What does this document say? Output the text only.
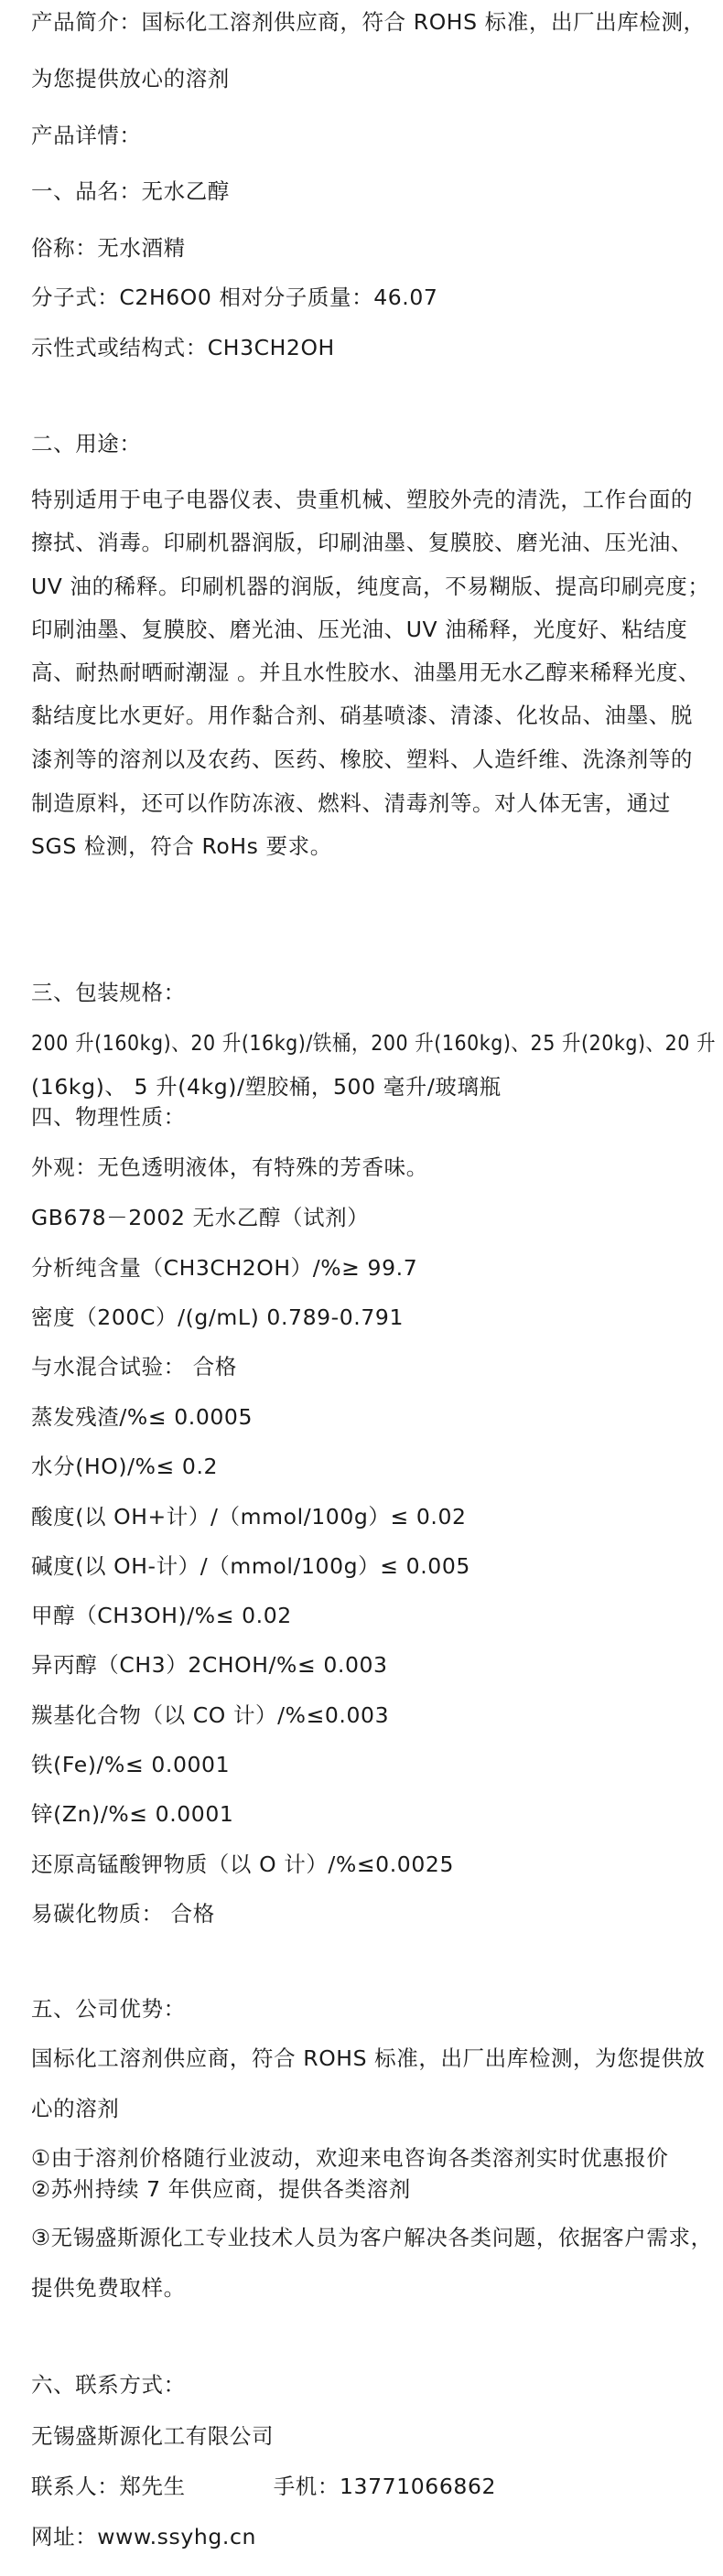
产品简介：国标化工溶剂供应商，符合 ROHS 标准，出厂出库检测，

为您提供放心的溶剂

产品详情：

一、品名：无水乙醇

俗称：无水酒精

分子式：C2H6O0 相对分子质量：46.07

示性式或结构式：CH3CH2OH

二、用途：

特别适用于电子电器仪表、贵重机械、塑胶外壳的清洗，工作台面的

擦拭、消毒。印刷机器润版，印刷油墨、复膜胶、磨光油、压光油、

UV 油的稀释。印刷机器的润版，纯度高，不易糊版、提高印刷亮度；

印刷油墨、复膜胶、磨光油、压光油、UV 油稀释，光度好、粘结度

高、耐热耐晒耐潮湿 。并且水性胶水、油墨用无水乙醇来稀释光度、

黏结度比水更好。用作黏合剂、硝基喷漆、清漆、化妆品、油墨、脱

漆剂等的溶剂以及农药、医药、橡胶、塑料、人造纤维、洗涤剂等的

制造原料，还可以作防冻液、燃料、清毒剂等。对人体无害，通过

SGS 检测，符合 RoHs 要求。

三、包装规格：

200 升(160kg)、20 升(16kg)/铁桶，200 升(160kg)、25 升(20kg)、20 升

(16kg)、 5 升(4kg)/塑胶桶，500 毫升/玻璃瓶

四、物理性质：

外观：无色透明液体，有特殊的芳香味。

GB678－2002 无水乙醇（试剂）

分析纯含量（CH3CH2OH）/%≥ 99.7

密度（200C）/(g/mL) 0.789-0.791

与水混合试验： 合格

蒸发残渣/%≤ 0.0005

水分(HO)/%≤ 0.2

酸度(以 OH+计）/（mmol/100g）≤ 0.02

碱度(以 OH-计）/（mmol/100g）≤ 0.005

甲醇（CH3OH)/%≤ 0.02

异丙醇（CH3）2CHOH/%≤ 0.003

羰基化合物（以 CO 计）/%≤0.003

铁(Fe)/%≤ 0.0001

锌(Zn)/%≤ 0.0001

还原高锰酸钾物质（以 O 计）/%≤0.0025

易碳化物质： 合格

五、公司优势：

国标化工溶剂供应商，符合 ROHS 标准，出厂出库检测，为您提供放

心的溶剂

①由于溶剂价格随行业波动，欢迎来电咨询各类溶剂实时优惠报价

②苏州持续 7 年供应商，提供各类溶剂

③无锡盛斯源化工专业技术人员为客户解决各类问题，依据客户需求，

提供免费取样。

六、联系方式：

无锡盛斯源化工有限公司

联系人：郑先生	手机：13771066862

网址：www.ssyhg.cn
